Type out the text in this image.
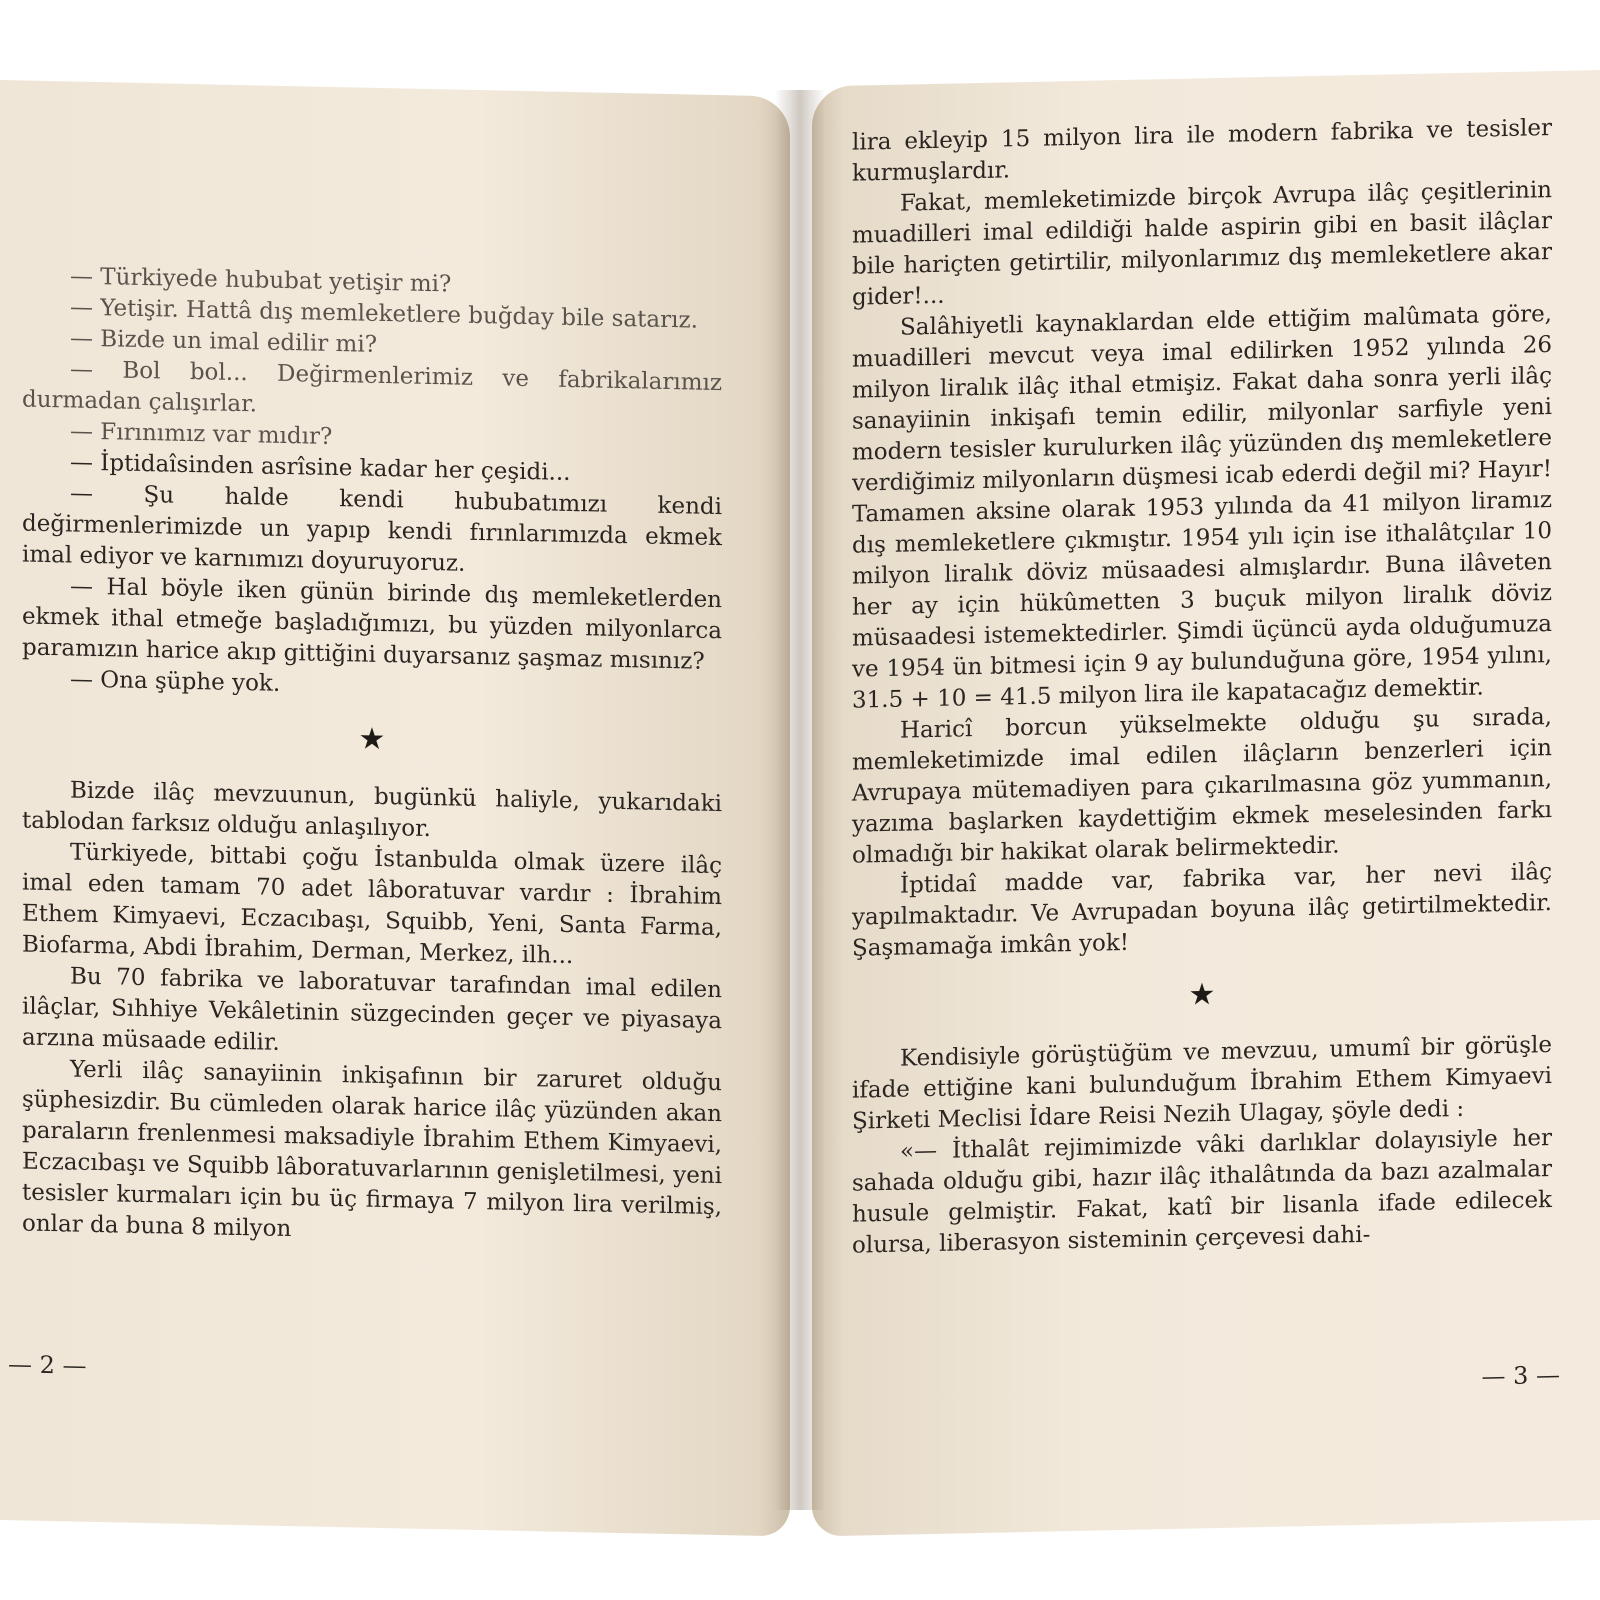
— Türkiyede hububat yetişir mi?

— Yetişir. Hattâ dış memleketlere buğday bile satarız.

— Bizde un imal edilir mi?

— Bol bol... Değirmenlerimiz ve fabrikalarımız durmadan çalışırlar.

— Fırınımız var mıdır?

— İptidaîsinden asrîsine kadar her çeşidi...

— Şu halde kendi hububatımızı kendi değirmenlerimizde un yapıp kendi fırınlarımızda ekmek imal ediyor ve karnımızı doyuruyoruz.

— Hal böyle iken günün birinde dış memleketlerden ekmek ithal etmeğe başladığımızı, bu yüzden milyonlarca paramızın harice akıp gittiğini duyarsanız şaşmaz mısınız?

— Ona şüphe yok.

★

Bizde ilâç mevzuunun, bugünkü haliyle, yukarıdaki tablodan farksız olduğu anlaşılıyor.

Türkiyede, bittabi çoğu İstanbulda olmak üzere ilâç imal eden tamam 70 adet lâboratuvar vardır : İbrahim Ethem Kimyaevi, Eczacıbaşı, Squibb, Yeni, Santa Farma, Biofarma, Abdi İbrahim, Derman, Merkez, ilh...

Bu 70 fabrika ve laboratuvar tarafından imal edilen ilâçlar, Sıhhiye Vekâletinin süzgecinden geçer ve piyasaya arzına müsaade edilir.

Yerli ilâç sanayiinin inkişafının bir zaruret olduğu şüphesizdir. Bu cümleden olarak harice ilâç yüzünden akan paraların frenlenmesi maksadiyle İbrahim Ethem Kimyaevi, Eczacıbaşı ve Squibb lâboratuvarlarının genişletilmesi, yeni tesisler kurmaları için bu üç firmaya 7 milyon lira verilmiş, onlar da buna 8 milyon

— 2 —

lira ekleyip 15 milyon lira ile modern fabrika ve tesisler kurmuşlardır.

Fakat, memleketimizde birçok Avrupa ilâç çeşitlerinin muadilleri imal edildiği halde aspirin gibi en basit ilâçlar bile hariçten getirtilir, milyonlarımız dış memleketlere akar gider!...

Salâhiyetli kaynaklardan elde ettiğim malûmata göre, muadilleri mevcut veya imal edilirken 1952 yılında 26 milyon liralık ilâç ithal etmişiz. Fakat daha sonra yerli ilâç sanayiinin inkişafı temin edilir, milyonlar sarfiyle yeni modern tesisler kurulurken ilâç yüzünden dış memleketlere verdiğimiz milyonların düşmesi icab ederdi değil mi? Hayır! Tamamen aksine olarak 1953 yılında da 41 milyon liramız dış memleketlere çıkmıştır. 1954 yılı için ise ithalâtçılar 10 milyon liralık döviz müsaadesi almışlardır. Buna ilâveten her ay için hükûmetten 3 buçuk milyon liralık döviz müsaadesi istemektedirler. Şimdi üçüncü ayda olduğumuza ve 1954 ün bitmesi için 9 ay bulunduğuna göre, 1954 yılını, 31.5 + 10 = 41.5 milyon lira ile kapatacağız demektir.

Haricî borcun yükselmekte olduğu şu sırada, memleketimizde imal edilen ilâçların benzerleri için Avrupaya mütemadiyen para çıkarılmasına göz yummanın, yazıma başlarken kaydettiğim ekmek meselesinden farkı olmadığı bir hakikat olarak belirmektedir.

İptidaî madde var, fabrika var, her nevi ilâç yapılmaktadır. Ve Avrupadan boyuna ilâç getirtilmektedir. Şaşmamağa imkân yok!

★

Kendisiyle görüştüğüm ve mevzuu, umumî bir görüşle ifade ettiğine kani bulunduğum İbrahim Ethem Kimyaevi Şirketi Meclisi İdare Reisi Nezih Ulagay, şöyle dedi :

«— İthalât rejimimizde vâki darlıklar dolayısiyle her sahada olduğu gibi, hazır ilâç ithalâtında da bazı azalmalar husule gelmiştir. Fakat, katî bir lisanla ifade edilecek olursa, liberasyon sisteminin çerçevesi dahi-

— 3 —
